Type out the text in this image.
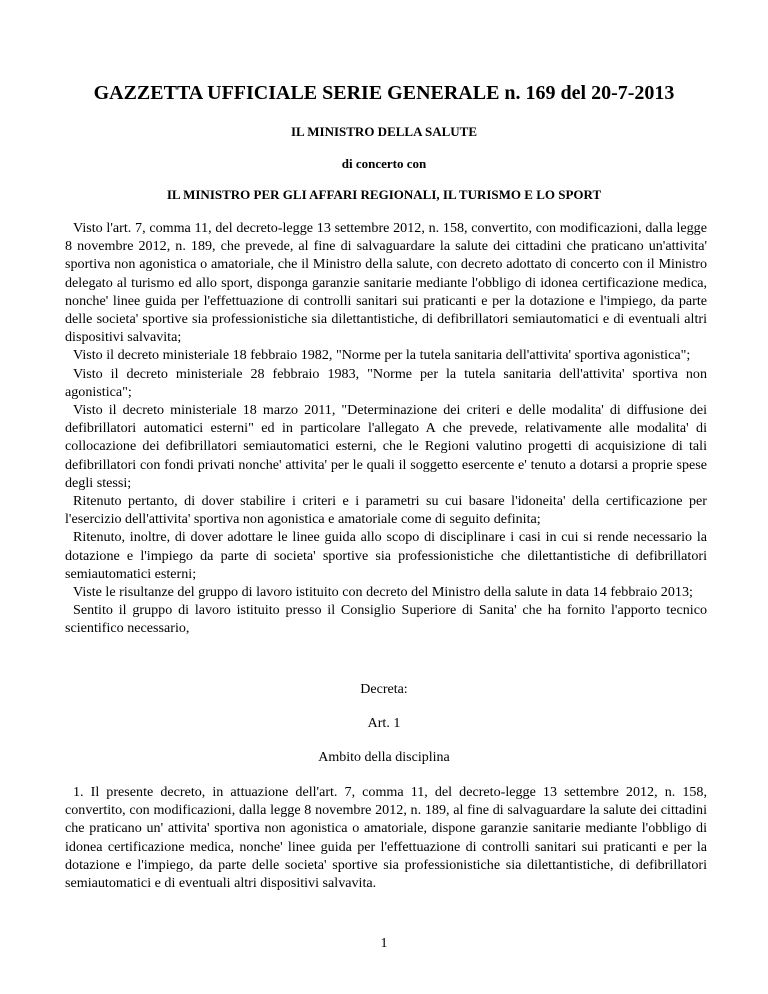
GAZZETTA UFFICIALE SERIE GENERALE n. 169 del 20-7-2013
IL MINISTRO DELLA SALUTE
di concerto con
IL MINISTRO PER GLI AFFARI REGIONALI, IL TURISMO E LO SPORT

Visto l'art. 7, comma 11, del decreto-legge 13 settembre 2012, n. 158, convertito, con modificazioni, dalla legge 8 novembre 2012, n. 189, che prevede, al fine di salvaguardare la salute dei cittadini che praticano un'attivita' sportiva non agonistica o amatoriale, che il Ministro della salute, con decreto adottato di concerto con il Ministro delegato al turismo ed allo sport, disponga garanzie sanitarie mediante l'obbligo di idonea certificazione medica, nonche' linee guida per l'effettuazione di controlli sanitari sui praticanti e per la dotazione e l'impiego, da parte delle societa' sportive sia professionistiche sia dilettantistiche, di defibrillatori semiautomatici e di eventuali altri dispositivi salvavita;

Visto il decreto ministeriale 18 febbraio 1982, "Norme per la tutela sanitaria dell'attivita' sportiva agonistica";

Visto il decreto ministeriale 28 febbraio 1983, "Norme per la tutela sanitaria dell'attivita' sportiva non agonistica";

Visto il decreto ministeriale 18 marzo 2011, "Determinazione dei criteri e delle modalita' di diffusione dei defibrillatori automatici esterni" ed in particolare l'allegato A che prevede, relativamente alle modalita' di collocazione dei defibrillatori semiautomatici esterni, che le Regioni valutino progetti di acquisizione di tali defibrillatori con fondi privati nonche' attivita' per le quali il soggetto esercente e' tenuto a dotarsi a proprie spese degli stessi;

Ritenuto pertanto, di dover stabilire i criteri e i parametri su cui basare l'idoneita' della certificazione per l'esercizio dell'attivita' sportiva non agonistica e amatoriale come di seguito definita;

Ritenuto, inoltre, di dover adottare le linee guida allo scopo di disciplinare i casi in cui si rende necessario la dotazione e l'impiego da parte di societa' sportive sia professionistiche che dilettantistiche di defibrillatori semiautomatici esterni;

Viste le risultanze del gruppo di lavoro istituito con decreto del Ministro della salute in data 14 febbraio 2013;

Sentito il gruppo di lavoro istituito presso il Consiglio Superiore di Sanita' che ha fornito l'apporto tecnico scientifico necessario,

Decreta:
Art. 1
Ambito della disciplina

1. Il presente decreto, in attuazione dell'art. 7, comma 11, del decreto-legge 13 settembre 2012, n. 158, convertito, con modificazioni, dalla legge 8 novembre 2012, n. 189, al fine di salvaguardare la salute dei cittadini che praticano un' attivita' sportiva non agonistica o amatoriale, dispone garanzie sanitarie mediante l'obbligo di idonea certificazione medica, nonche' linee guida per l'effettuazione di controlli sanitari sui praticanti e per la dotazione e l'impiego, da parte delle societa' sportive sia professionistiche sia dilettantistiche, di defibrillatori semiautomatici e di eventuali altri dispositivi salvavita.

1
